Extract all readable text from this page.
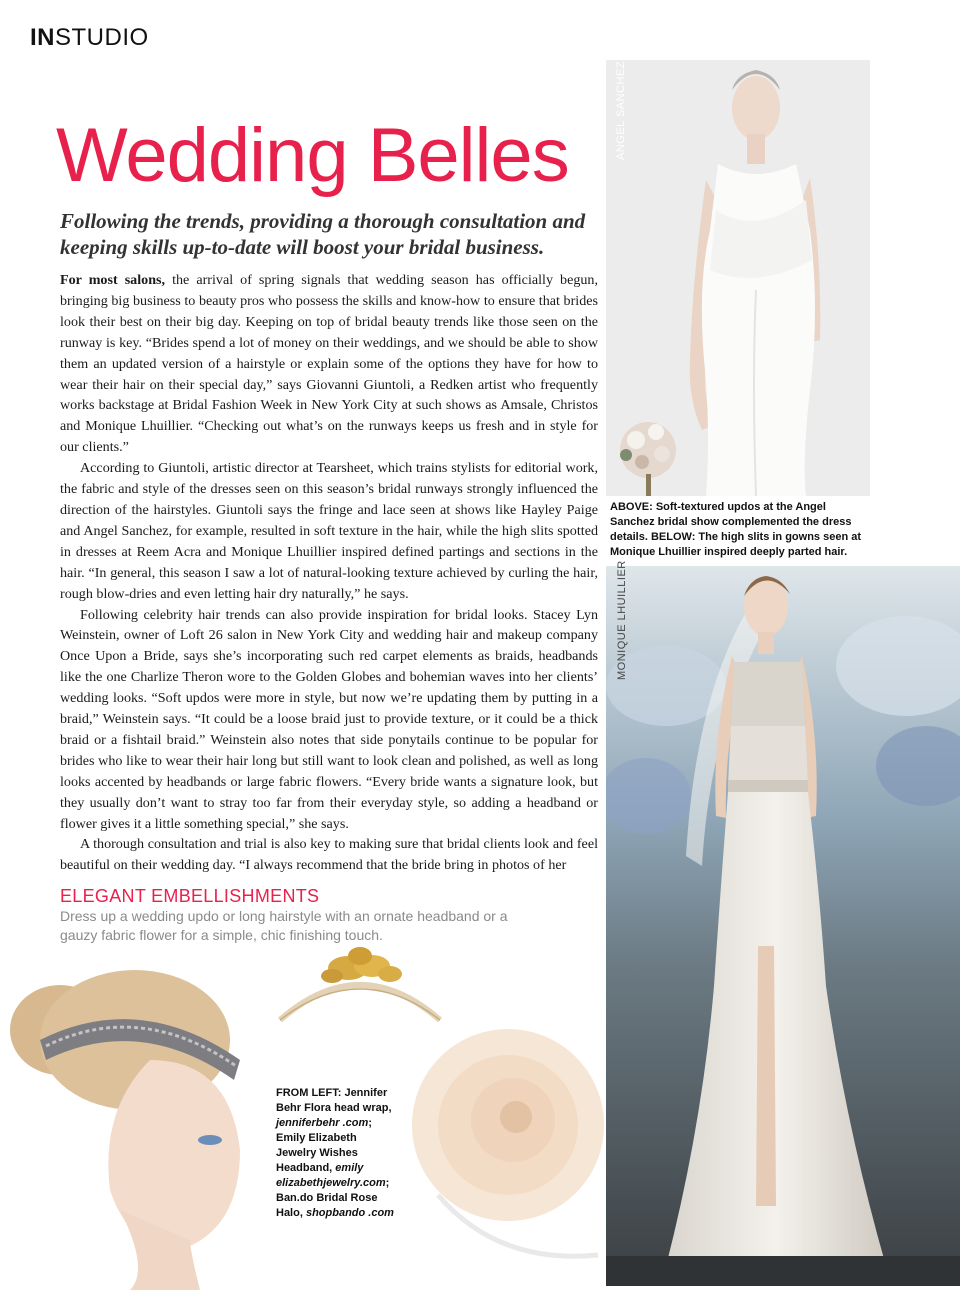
INSTUDIO
Wedding Belles
Following the trends, providing a thorough consultation and keeping skills up-to-date will boost your bridal business.

For most salons, the arrival of spring signals that wedding season has officially begun, bringing big business to beauty pros who possess the skills and know-how to ensure that brides look their best on their big day. Keeping on top of bridal beauty trends like those seen on the runway is key. “Brides spend a lot of money on their weddings, and we should be able to show them an updated version of a hairstyle or explain some of the options they have for how to wear their hair on their special day,” says Giovanni Giuntoli, a Redken artist who frequently works backstage at Bridal Fashion Week in New York City at such shows as Amsale, Christos and Monique Lhuillier. “Checking out what’s on the runways keeps us fresh and in style for our clients.”

According to Giuntoli, artistic director at Tearsheet, which trains stylists for editorial work, the fabric and style of the dresses seen on this season’s bridal runways strongly influenced the direction of the hairstyles. Giuntoli says the fringe and lace seen at shows like Hayley Paige and Angel Sanchez, for example, resulted in soft texture in the hair, while the high slits spotted in dresses at Reem Acra and Monique Lhuillier inspired defined partings and sections in the hair. “In general, this season I saw a lot of natural-looking texture achieved by curling the hair, rough blow-dries and even letting hair dry naturally,” he says.

Following celebrity hair trends can also provide inspiration for bridal looks. Stacey Lyn Weinstein, owner of Loft 26 salon in New York City and wedding hair and makeup company Once Upon a Bride, says she’s incorporating such red carpet elements as braids, headbands like the one Charlize Theron wore to the Golden Globes and bohemian waves into her clients’ wedding looks. “Soft updos were more in style, but now we’re updating them by putting in a braid,” Weinstein says. “It could be a loose braid just to provide texture, or it could be a thick braid or a fishtail braid.” Weinstein also notes that side ponytails continue to be popular for brides who like to wear their hair long but still want to look clean and polished, as well as long looks accented by headbands or large fabric flowers. “Every bride wants a signature look, but they usually don’t want to stray too far from their everyday style, so adding a headband or flower gives it a little something special,” she says.

A thorough consultation and trial is also key to making sure that bridal clients look and feel beautiful on their wedding day. “I always recommend that the bride bring in photos of her

ELEGANT EMBELLISHMENTS
Dress up a wedding updo or long hairstyle with an ornate headband or a gauzy fabric flower for a simple, chic finishing touch.
ANGEL SANCHEZ
ABOVE: Soft-textured updos at the Angel Sanchez bridal show complemented the dress details. BELOW: The high slits in gowns seen at Monique Lhuillier inspired deeply parted hair.
MONIQUE LHUILLIER
FROM LEFT: Jennifer Behr Flora head wrap, jenniferbehr .com; Emily Elizabeth Jewelry Wishes Headband, emily elizabethjewelry.com; Ban.do Bridal Rose Halo, shopbando .com
